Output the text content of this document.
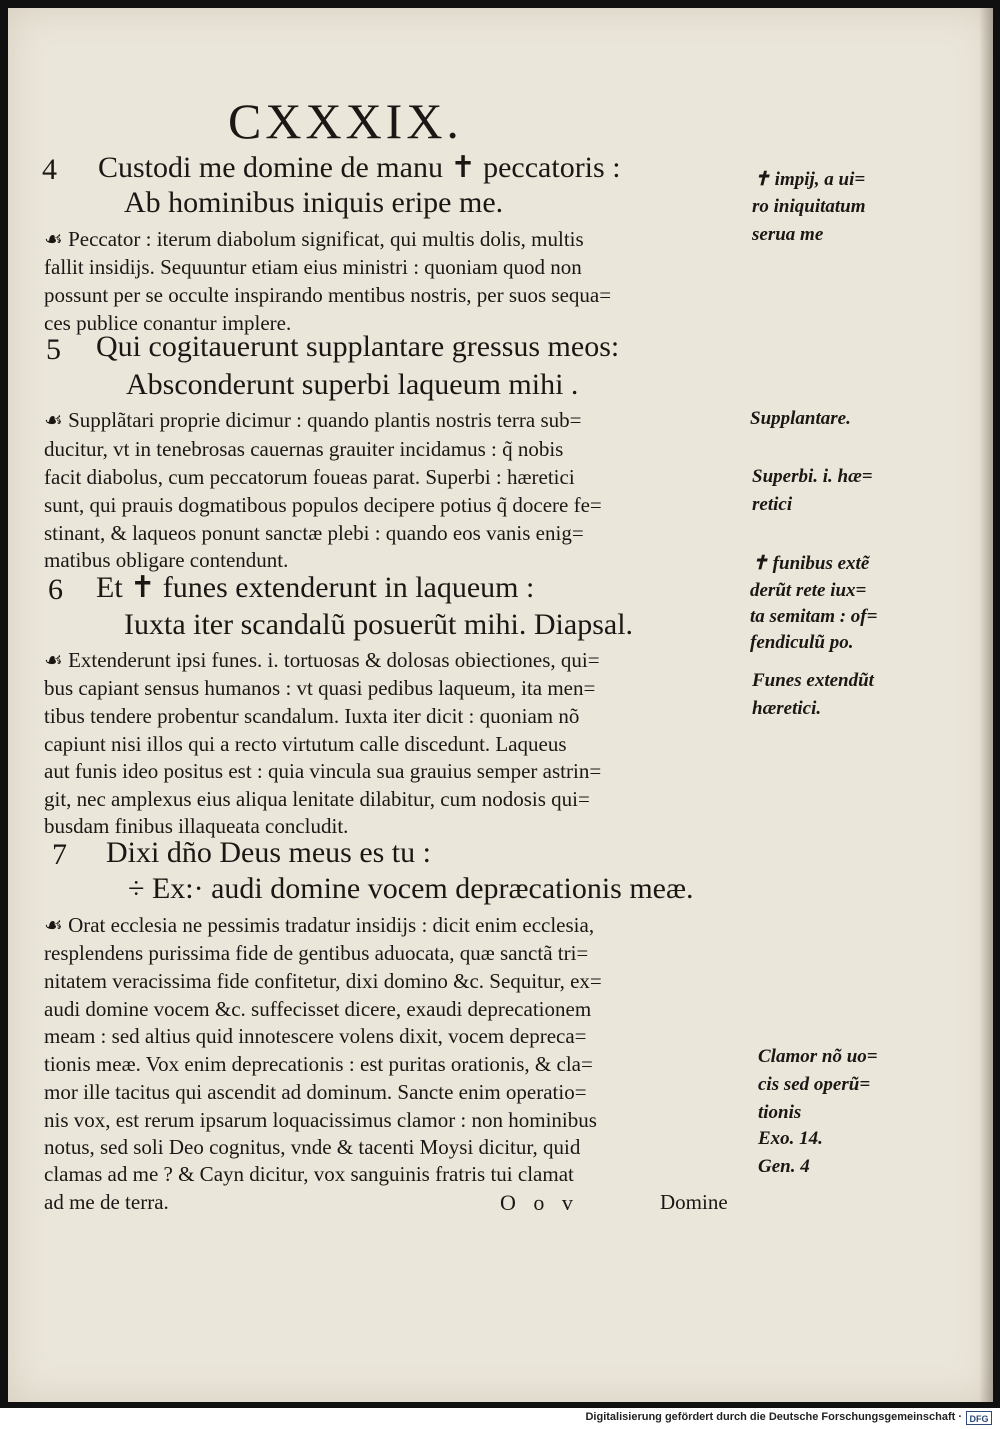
CXXXIX.
4 Custodi me domine de manu ✝ peccatoris :
Ab hominibus iniquis eripe me.
☙ Peccator : iterum diabolum significat, qui multis dolis, multis
fallit insidijs. Sequuntur etiam eius ministri : quoniam quod non
possunt per se occulte inspirando mentibus nostris, per suos sequa=
ces publice conantur implere.
5 Qui cogitauerunt supplantare gressus meos:
Absconderunt superbi laqueum mihi .
☙ Supplãtari proprie dicimur : quando plantis nostris terra sub=
ducitur, vt in tenebrosas cauernas grauiter incidamus : q̃ nobis
facit diabolus, cum peccatorum foueas parat. Superbi : hæretici
sunt, qui prauis dogmatibous populos decipere potius q̃ docere fe=
stinant, & laqueos ponunt sanctæ plebi : quando eos vanis enig=
matibus obligare contendunt.
6 Et ✝ funes extenderunt in laqueum :
Iuxta iter scandalũ posuerũt mihi. Diapsal.
☙ Extenderunt ipsi funes. i. tortuosas & dolosas obiectiones, qui=
bus capiant sensus humanos : vt quasi pedibus laqueum, ita men=
tibus tendere probentur scandalum. Iuxta iter dicit : quoniam nõ
capiunt nisi illos qui a recto virtutum calle discedunt. Laqueus
aut funis ideo positus est : quia vincula sua grauius semper astrin=
git, nec amplexus eius aliqua lenitate dilabitur, cum nodosis qui=
busdam finibus illaqueata concludit.
7 Dixi dño Deus meus es tu :
÷ Ex:· audi domine vocem depræcationis meæ.
☙ Orat ecclesia ne pessimis tradatur insidijs : dicit enim ecclesia,
resplendens purissima fide de gentibus aduocata, quæ sanctã tri=
nitatem veracissima fide confitetur, dixi domino &c. Sequitur, ex=
audi domine vocem &c. suffecisset dicere, exaudi deprecationem
meam : sed altius quid innotescere volens dixit, vocem depreca=
tionis meæ. Vox enim deprecationis : est puritas orationis, & cla=
mor ille tacitus qui ascendit ad dominum. Sancte enim operatio=
nis vox, est rerum ipsarum loquacissimus clamor : non hominibus
notus, sed soli Deo cognitus, vnde & tacenti Moysi dicitur, quid
clamas ad me ? & Cayn dicitur, vox sanguinis fratris tui clamat
ad me de terra.	O o v	Domine
✝ impij, a ui=
ro iniquitatum
serua me
Supplantare.
Superbi. i. hæ=
retici
✝ funibus extẽ
derũt rete iux=
ta semitam : of=
fendiculũ po.
Funes extendũt
hæretici.
Clamor nõ uo=
cis sed operũ=
tionis
Exo. 14.
Gen. 4
Digitalisierung gefördert durch die Deutsche Forschungsgemeinschaft · DFG
